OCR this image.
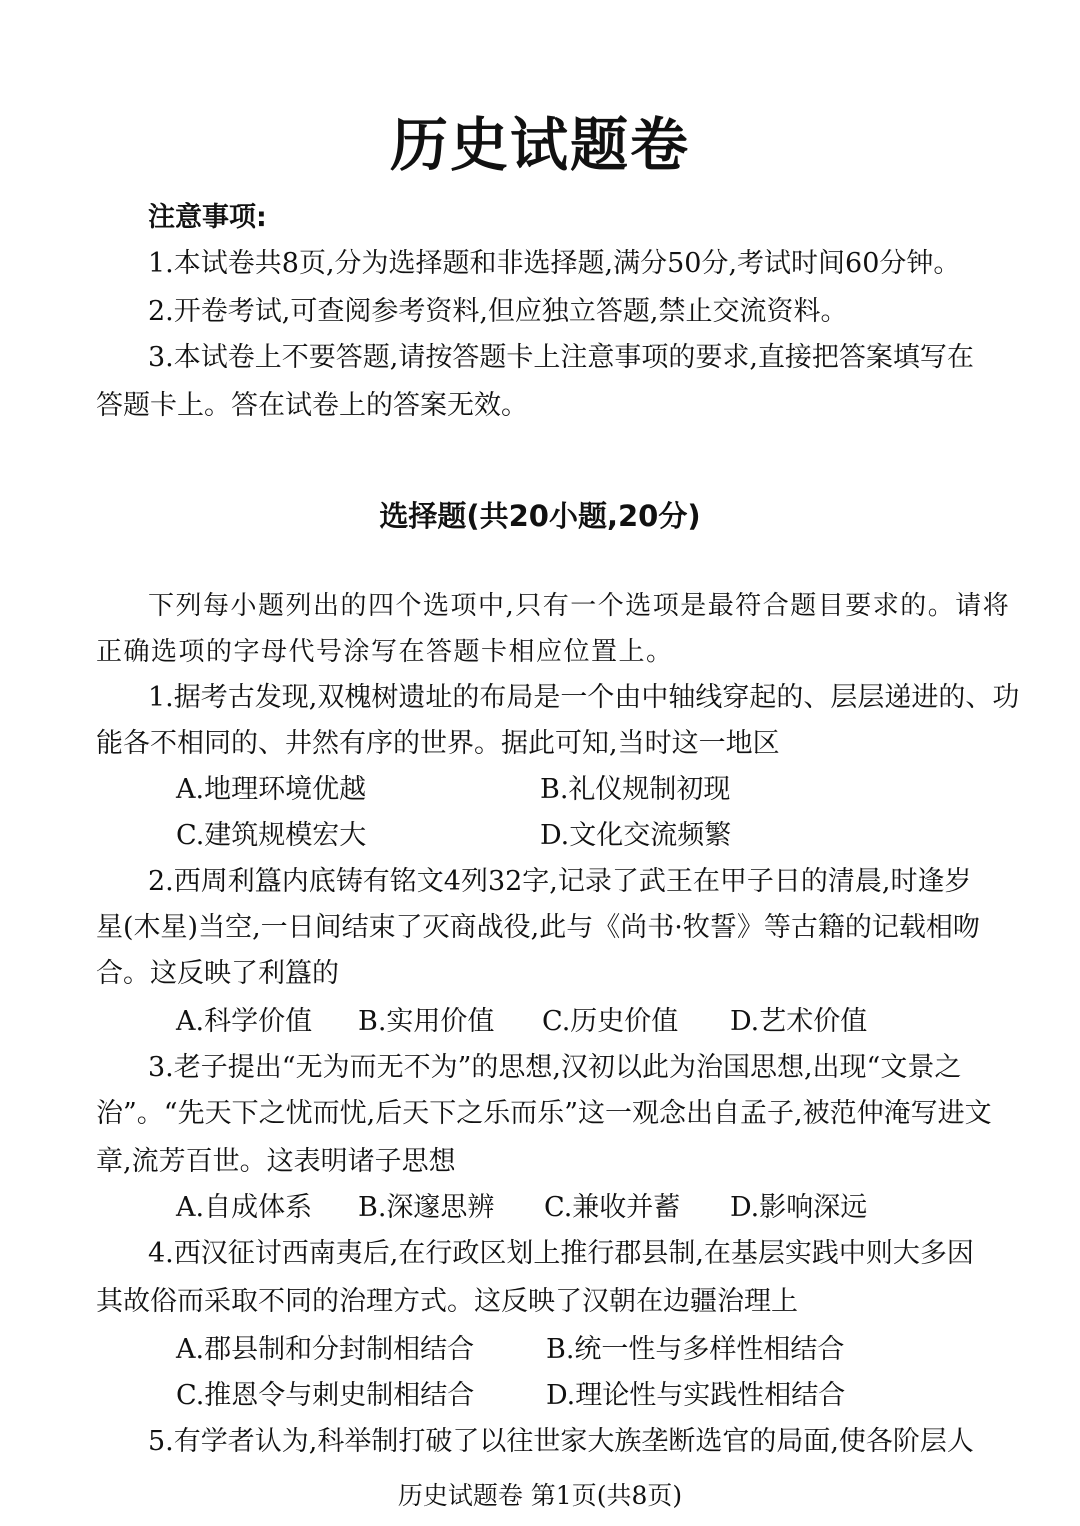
历史试题卷
注意事项:
1.本试卷共8页,分为选择题和非选择题,满分50分,考试时间60分钟。
2.开卷考试,可查阅参考资料,但应独立答题,禁止交流资料。
3.本试卷上不要答题,请按答题卡上注意事项的要求,直接把答案填写在
答题卡上。答在试卷上的答案无效。
选择题(共20小题,20分)
下列每小题列出的四个选项中,只有一个选项是最符合题目要求的。请将
正确选项的字母代号涂写在答题卡相应位置上。
1.据考古发现,双槐树遗址的布局是一个由中轴线穿起的、层层递进的、功
能各不相同的、井然有序的世界。据此可知,当时这一地区
A.地理环境优越	B.礼仪规制初现
C.建筑规模宏大	D.文化交流频繁
2.西周利簋内底铸有铭文4列32字,记录了武王在甲子日的清晨,时逢岁
星(木星)当空,一日间结束了灭商战役,此与《尚书·牧誓》等古籍的记载相吻
合。这反映了利簋的
A.科学价值 B.实用价值 C.历史价值 D.艺术价值
3.老子提出“无为而无不为”的思想,汉初以此为治国思想,出现“文景之
治”。“先天下之忧而忧,后天下之乐而乐”这一观念出自孟子,被范仲淹写进文
章,流芳百世。这表明诸子思想
A.自成体系 B.深邃思辨 C.兼收并蓄 D.影响深远
4.西汉征讨西南夷后,在行政区划上推行郡县制,在基层实践中则大多因
其故俗而采取不同的治理方式。这反映了汉朝在边疆治理上
A.郡县制和分封制相结合	B.统一性与多样性相结合
C.推恩令与刺史制相结合	D.理论性与实践性相结合
5.有学者认为,科举制打破了以往世家大族垄断选官的局面,使各阶层人
历史试题卷 第1页(共8页)
